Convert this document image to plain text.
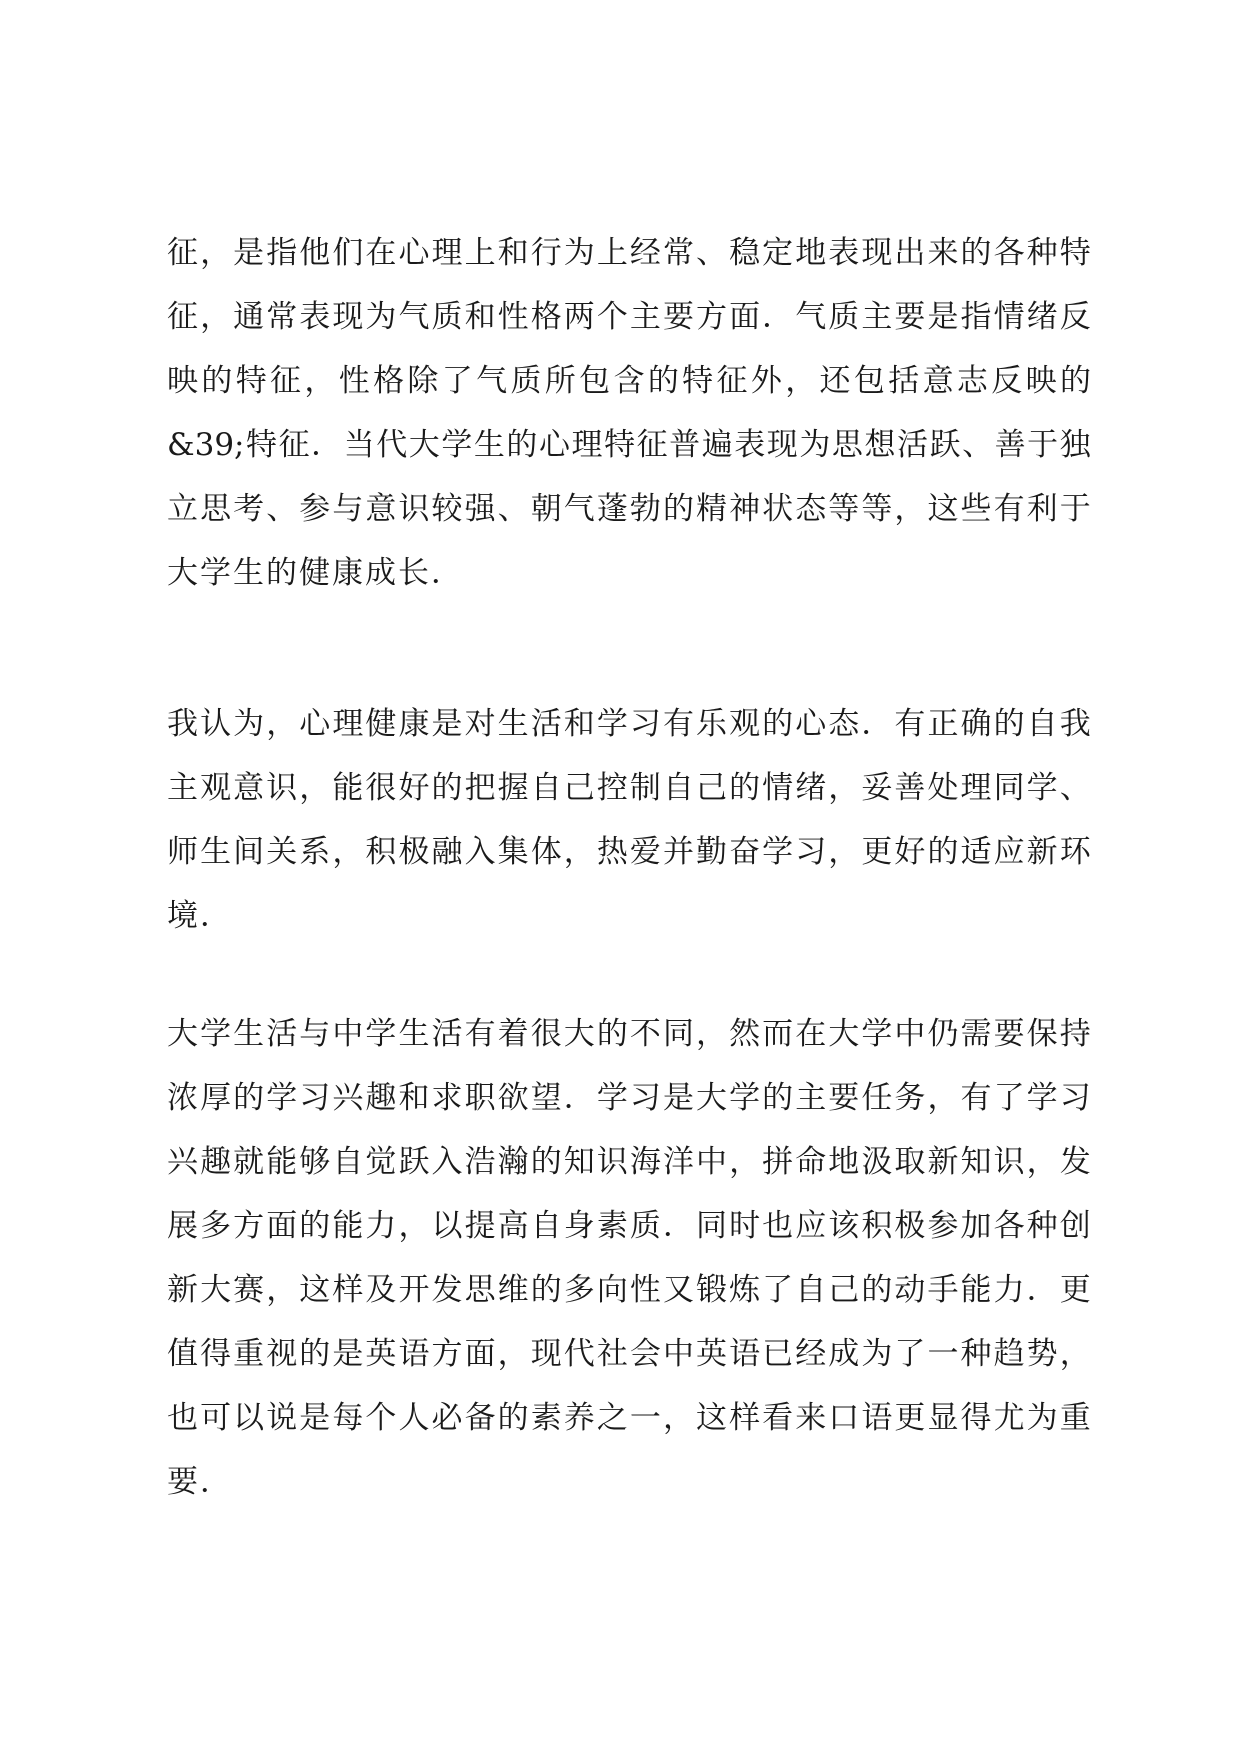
征 ， 是 指 他 们 在 心 理 上 和 行 为 上 经 常 、 稳 定 地 表 现 出 来 的 各 种 特
征 ， 通 常 表 现 为 气 质 和 性 格 两 个 主 要 方 面 ． 气 质 主 要 是 指 情 绪 反
映 的 特 征 ， 性 格 除 了 气 质 所 包 含 的 特 征 外 ， 还 包 括 意 志 反 映 的
&39; 特 征 ． 当 代 大 学 生 的 心 理 特 征 普 遍 表 现 为 思 想 活 跃 、 善 于 独
立 思 考 、 参 与 意 识 较 强 、 朝 气 蓬 勃 的 精 神 状 态 等 等 ， 这 些 有 利 于
大学生的健康成长．
我 认 为 ， 心 理 健 康 是 对 生 活 和 学 习 有 乐 观 的 心 态 ． 有 正 确 的 自 我
主 观 意 识 ， 能 很 好 的 把 握 自 己 控 制 自 己 的 情 绪 ， 妥 善 处 理 同 学 、
师 生 间 关 系 ， 积 极 融 入 集 体 ， 热 爱 并 勤 奋 学 习 ， 更 好 的 适 应 新 环
境．
大 学 生 活 与 中 学 生 活 有 着 很 大 的 不 同 ， 然 而 在 大 学 中 仍 需 要 保 持
浓 厚 的 学 习 兴 趣 和 求 职 欲 望 ． 学 习 是 大 学 的 主 要 任 务 ， 有 了 学 习
兴 趣 就 能 够 自 觉 跃 入 浩 瀚 的 知 识 海 洋 中 ， 拼 命 地 汲 取 新 知 识 ， 发
展 多 方 面 的 能 力 ， 以 提 高 自 身 素 质 ． 同 时 也 应 该 积 极 参 加 各 种 创
新 大 赛 ， 这 样 及 开 发 思 维 的 多 向 性 又 锻 炼 了 自 己 的 动 手 能 力 ． 更
值 得 重 视 的 是 英 语 方 面 ， 现 代 社 会 中 英 语 已 经 成 为 了 一 种 趋 势 ，
也 可 以 说 是 每 个 人 必 备 的 素 养 之 一 ， 这 样 看 来 口 语 更 显 得 尤 为 重
要．
